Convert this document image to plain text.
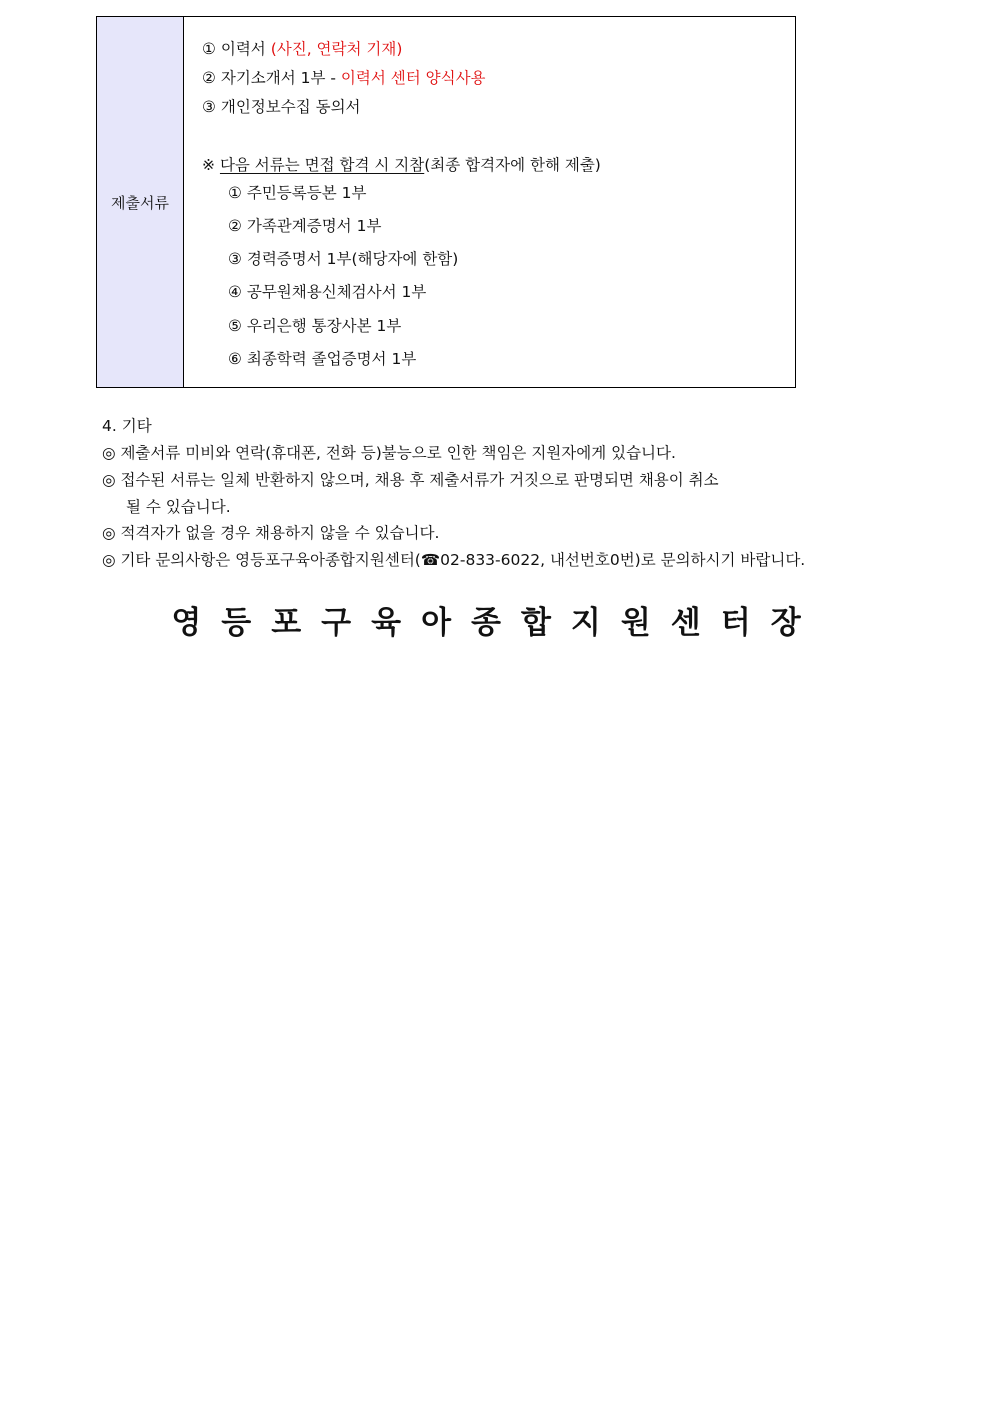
제출서류
① 이력서 (사진, 연락처 기재)
② 자기소개서 1부 - 이력서 센터 양식사용
③ 개인정보수집 동의서
※ 다음 서류는 면접 합격 시 지참(최종 합격자에 한해 제출)
① 주민등록등본 1부
② 가족관계증명서 1부
③ 경력증명서 1부(해당자에 한함)
④ 공무원채용신체검사서 1부
⑤ 우리은행 통장사본 1부
⑥ 최종학력 졸업증명서 1부
4. 기타
◎ 제출서류 미비와 연락(휴대폰, 전화 등)불능으로 인한 책임은 지원자에게 있습니다.
◎ 접수된 서류는 일체 반환하지 않으며, 채용 후 제출서류가 거짓으로 판명되면 채용이 취소
될 수 있습니다.
◎ 적격자가 없을 경우 채용하지 않을 수 있습니다.
◎ 기타 문의사항은 영등포구육아종합지원센터(☎02-833-6022, 내선번호0번)로 문의하시기 바랍니다.
영등포구육아종합지원센터장
